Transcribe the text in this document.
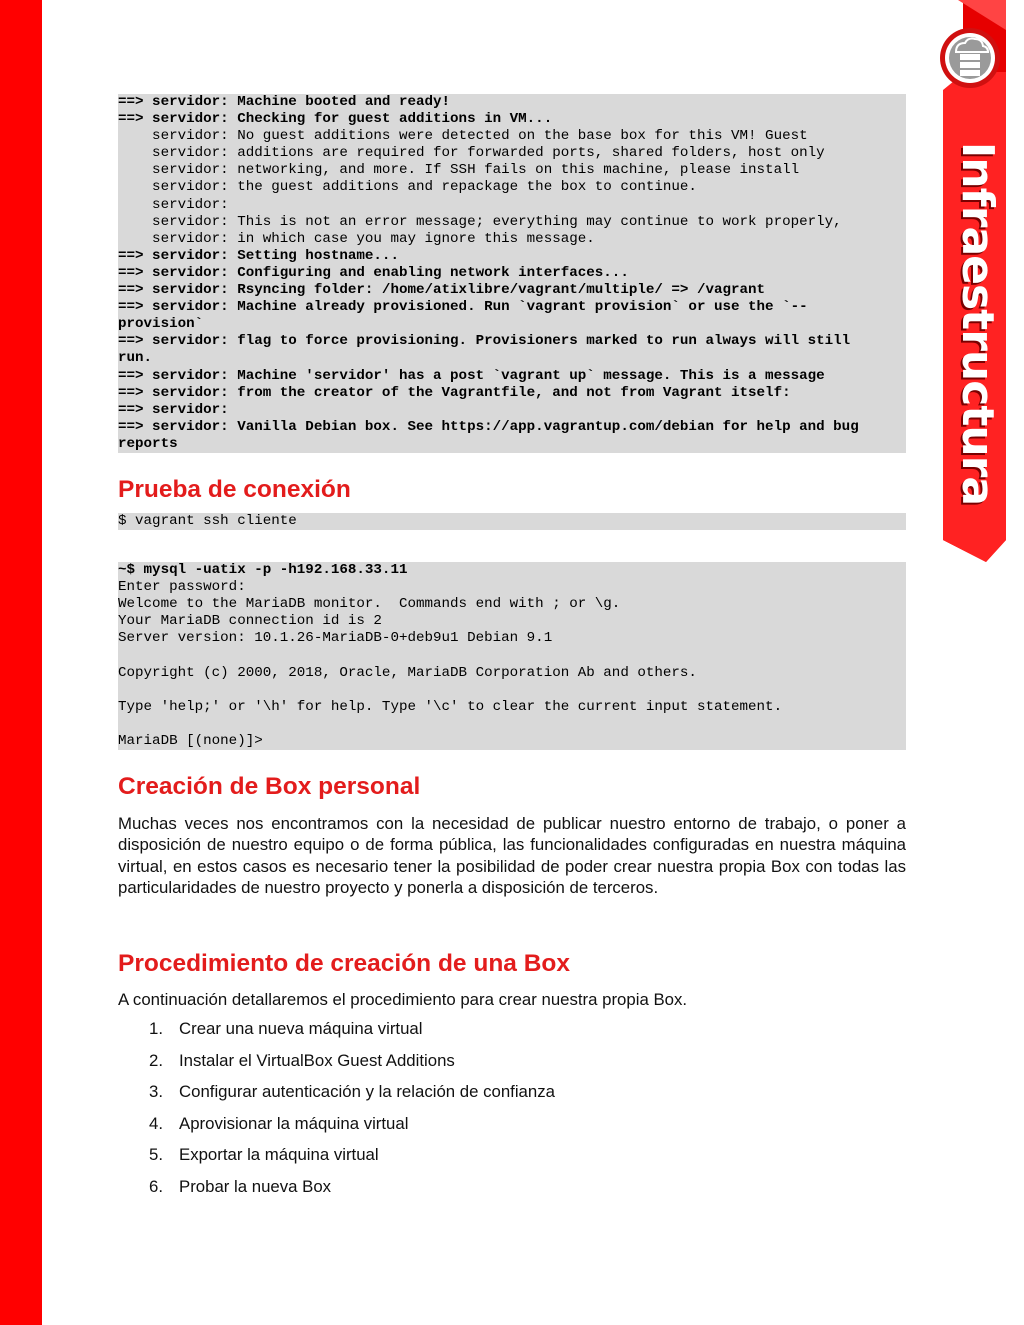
Infraestructura
==> servidor: Machine booted and ready!
==> servidor: Checking for guest additions in VM...
servidor: No guest additions were detected on the base box for this VM! Guest
servidor: additions are required for forwarded ports, shared folders, host only
servidor: networking, and more. If SSH fails on this machine, please install
servidor: the guest additions and repackage the box to continue.
servidor:
servidor: This is not an error message; everything may continue to work properly,
servidor: in which case you may ignore this message.
==> servidor: Setting hostname...
==> servidor: Configuring and enabling network interfaces...
==> servidor: Rsyncing folder: /home/atixlibre/vagrant/multiple/ => /vagrant
==> servidor: Machine already provisioned. Run `vagrant provision` or use the `--
provision`
==> servidor: flag to force provisioning. Provisioners marked to run always will still
run.
==> servidor: Machine 'servidor' has a post `vagrant up` message. This is a message
==> servidor: from the creator of the Vagrantfile, and not from Vagrant itself:
==> servidor:
==> servidor: Vanilla Debian box. See https://app.vagrantup.com/debian for help and bug
reports
Prueba de conexión
$ vagrant ssh cliente
~$ mysql -uatix -p -h192.168.33.11
Enter password:
Welcome to the MariaDB monitor.  Commands end with ; or \g.
Your MariaDB connection id is 2
Server version: 10.1.26-MariaDB-0+deb9u1 Debian 9.1
Copyright (c) 2000, 2018, Oracle, MariaDB Corporation Ab and others.
Type 'help;' or '\h' for help. Type '\c' to clear the current input statement.
MariaDB [(none)]>
Creación de Box personal

Muchas veces nos encontramos con la necesidad de publicar nuestro entorno de trabajo, o poner a disposición de nuestro equipo o de forma pública, las funcionalidades configuradas en nuestra máquina virtual, en estos casos es necesario tener la posibilidad de poder crear nuestra propia Box con todas las particularidades de nuestro proyecto y ponerla a disposición de terceros.

Procedimiento de creación de una Box

A continuación detallaremos el procedimiento para crear nuestra propia Box.

1. Crear una nueva máquina virtual
2. Instalar el VirtualBox Guest Additions
3. Configurar autenticación y la relación de confianza
4. Aprovisionar la máquina virtual
5. Exportar la máquina virtual
6. Probar la nueva Box
